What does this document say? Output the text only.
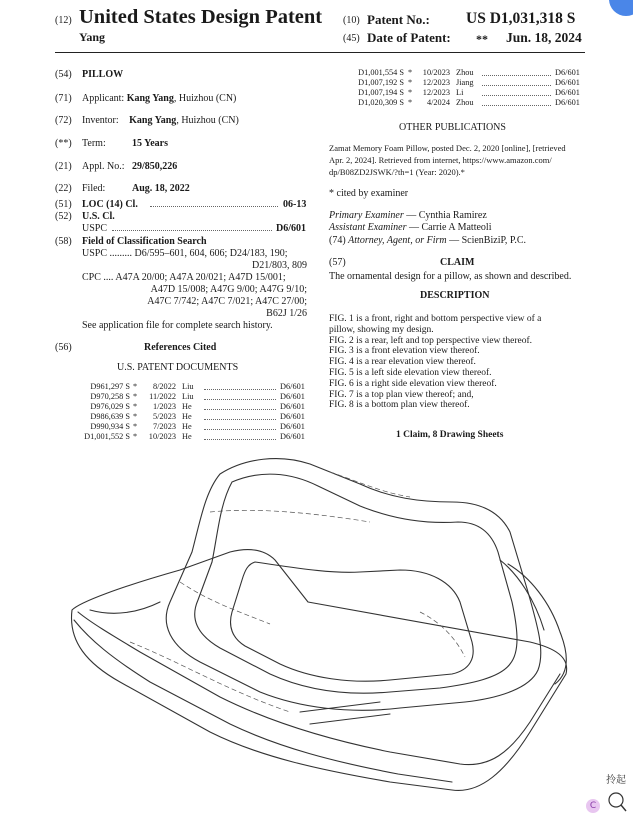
(12) United States Design Patent
Yang
(10) Patent No.: US D1,031,318 S
(45) Date of Patent: ** Jun. 18, 2024
(54) PILLOW
(71) Applicant: Kang Yang, Huizhou (CN)
(72) Inventor: Kang Yang, Huizhou (CN)
(**) Term:	15 Years
(21) Appl. No.: 29/850,226
(22) Filed:	Aug. 18, 2022
(51) LOC (14) Cl.	06-13
(52) U.S. Cl.
USPC	D6/601
(58) Field of Classification Search
USPC ......... D6/595–601, 604, 606; D24/183, 190;
D21/803, 809
CPC .... A47A 20/00; A47A 20/021; A47D 15/001;
A47D 15/008; A47G 9/00; A47G 9/10;
A47C 7/742; A47C 7/021; A47C 27/00;
B62J 1/26
See application file for complete search history.
(56)	References Cited
U.S. PATENT DOCUMENTS
D961,297 S *	8/2022 Liu	D6/601
D970,258 S *	11/2022 Liu	D6/601
D976,029 S *	1/2023 He	D6/601
D986,639 S *	5/2023 He	D6/601
D990,934 S *	7/2023 He	D6/601
D1,001,552 S *	10/2023 He	D6/601
D1,001,554 S *	10/2023 Zhou	D6/601
D1,007,192 S *	12/2023 Jiang	D6/601
D1,007,194 S *	12/2023 Li	D6/601
D1,020,309 S *	4/2024 Zhou	D6/601
OTHER PUBLICATIONS
Zamat Memory Foam Pillow, posted Dec. 2, 2020 [online], [retrieved
Apr. 2, 2024]. Retrieved from internet, https://www.amazon.com/
dp/B08ZD2JSWK/?th=1 (Year: 2020).*
* cited by examiner
Primary Examiner — Cynthia Ramirez
Assistant Examiner — Carrie A Matteoli
(74) Attorney, Agent, or Firm — ScienBiziP, P.C.
(57)	CLAIM
The ornamental design for a pillow, as shown and described.
DESCRIPTION
FIG. 1 is a front, right and bottom perspective view of a
pillow, showing my design.
FIG. 2 is a rear, left and top perspective view thereof.
FIG. 3 is a front elevation view thereof.
FIG. 4 is a rear elevation view thereof.
FIG. 5 is a left side elevation view thereof.
FIG. 6 is a right side elevation view thereof.
FIG. 7 is a top plan view thereof; and,
FIG. 8 is a bottom plan view thereof.
1 Claim, 8 Drawing Sheets
拎起
C
